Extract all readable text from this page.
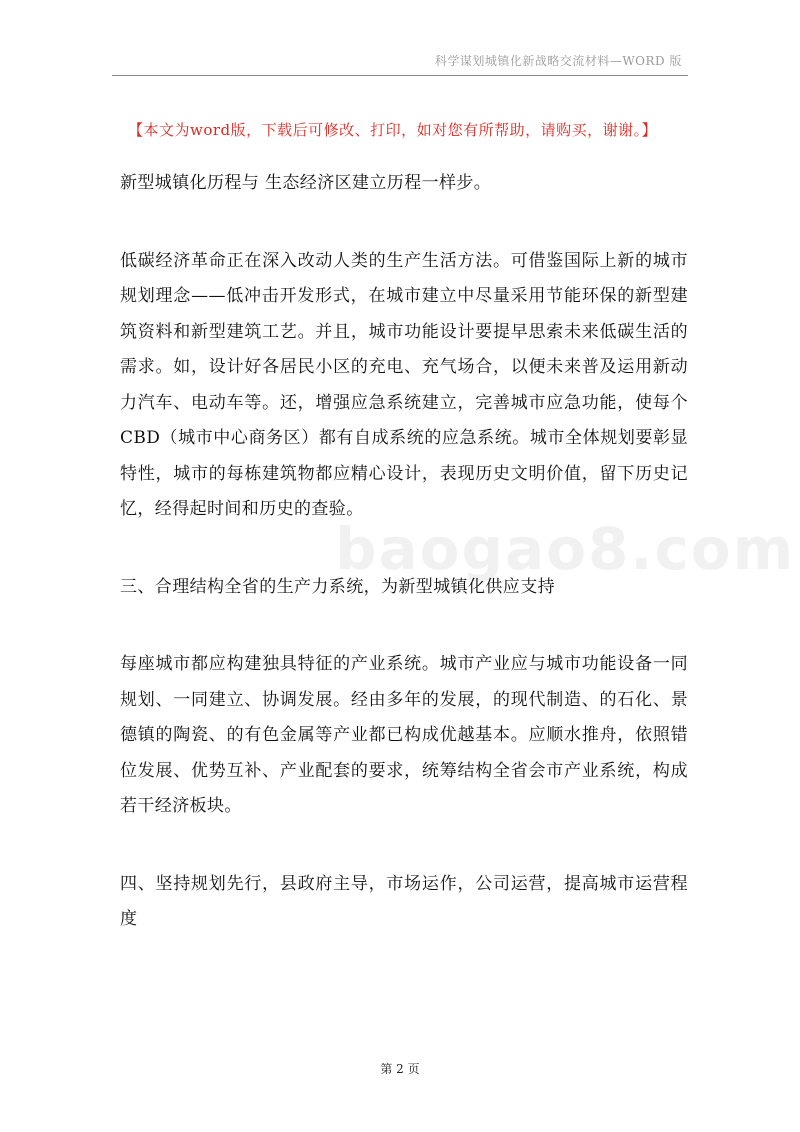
科学谋划城镇化新战略交流材料—WORD 版
【本文为word版，下载后可修改、打印，如对您有所帮助，请购买，谢谢。】
baogao8.com

新型城镇化历程与 生态经济区建立历程一样步。

低碳经济革命正在深入改动人类的生产生活方法。可借鉴国际上新的城市规划理念——低冲击开发形式，在城市建立中尽量采用节能环保的新型建筑资料和新型建筑工艺。并且，城市功能设计要提早思索未来低碳生活的需求。如，设计好各居民小区的充电、充气场合，以便未来普及运用新动力汽车、电动车等。还，增强应急系统建立，完善城市应急功能，使每个 CBD（城市中心商务区）都有自成系统的应急系统。城市全体规划要彰显特性，城市的每栋建筑物都应精心设计，表现历史文明价值，留下历史记忆，经得起时间和历史的查验。

三、合理结构全省的生产力系统，为新型城镇化供应支持

每座城市都应构建独具特征的产业系统。城市产业应与城市功能设备一同规划、一同建立、协调发展。经由多年的发展，的现代制造、的石化、景德镇的陶瓷、的有色金属等产业都已构成优越基本。应顺水推舟，依照错位发展、优势互补、产业配套的要求，统筹结构全省会市产业系统，构成若干经济板块。

四、坚持规划先行，县政府主导，市场运作，公司运营，提高城市运营程度

第 2 页
